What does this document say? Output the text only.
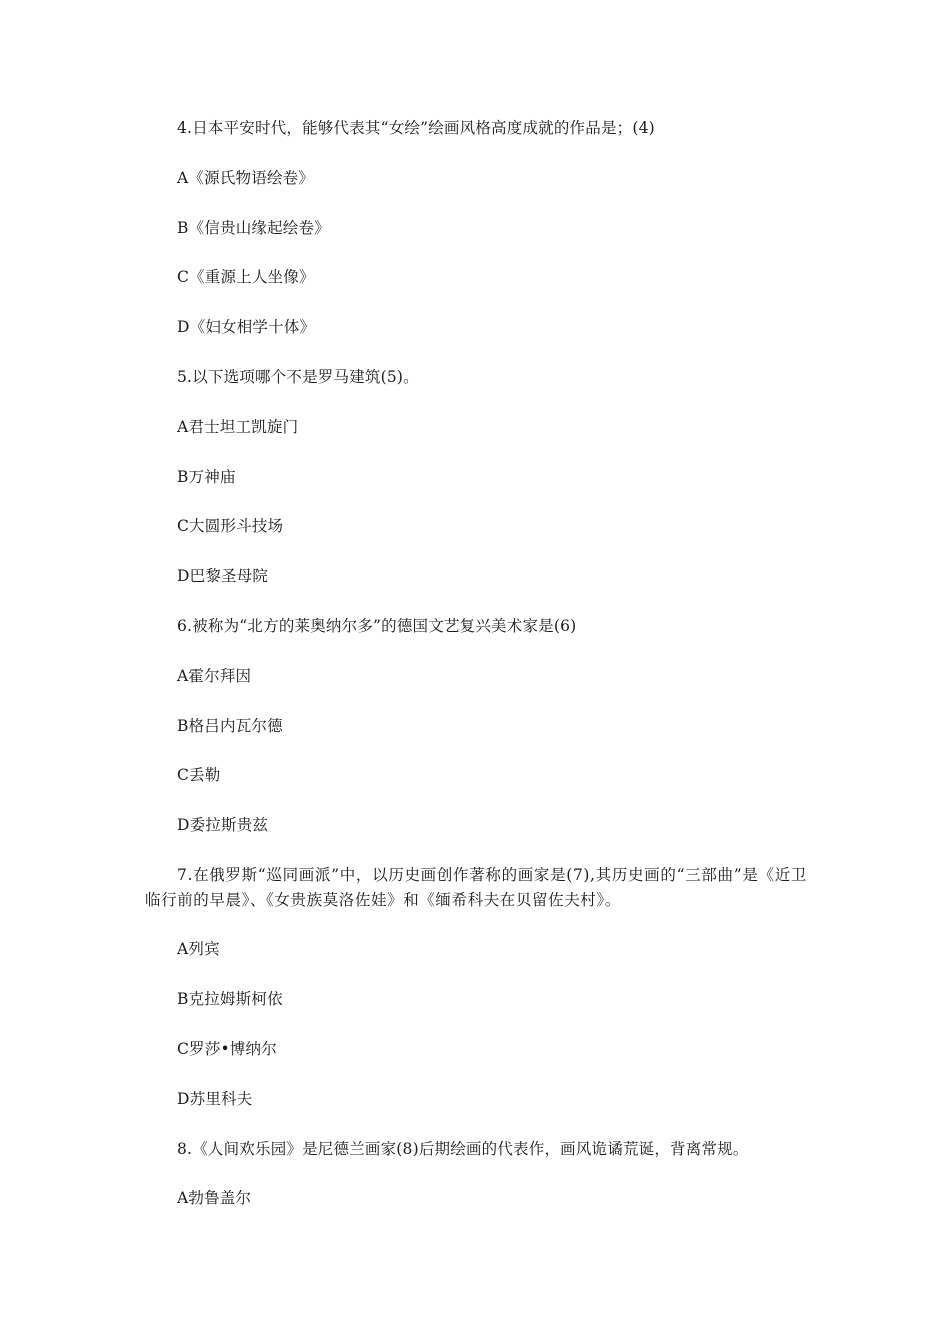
4.日本平安时代，能够代表其“女绘”绘画风格高度成就的作品是；(4)
A《源氏物语绘卷》
B《信贵山缘起绘卷》
C《重源上人坐像》
D《妇女相学十体》
5.以下选项哪个不是罗马建筑(5)。
A君士坦工凯旋门
B万神庙
C大圆形斗技场
D巴黎圣母院
6.被称为“北方的莱奥纳尔多”的德国文艺复兴美术家是(6)
A霍尔拜因
B格吕内瓦尔德
C丢勒
D委拉斯贵兹
7.在俄罗斯“巡同画派”中，以历史画创作著称的画家是(7),其历史画的“三部曲”是《近卫临行前的早晨》、《女贵族莫洛佐娃》和《缅希科夫在贝留佐夫村》。
A列宾
B克拉姆斯柯依
C罗莎•博纳尔
D苏里科夫
8.《人间欢乐园》是尼德兰画家(8)后期绘画的代表作，画风诡谲荒诞，背离常规。
A勃鲁盖尔
